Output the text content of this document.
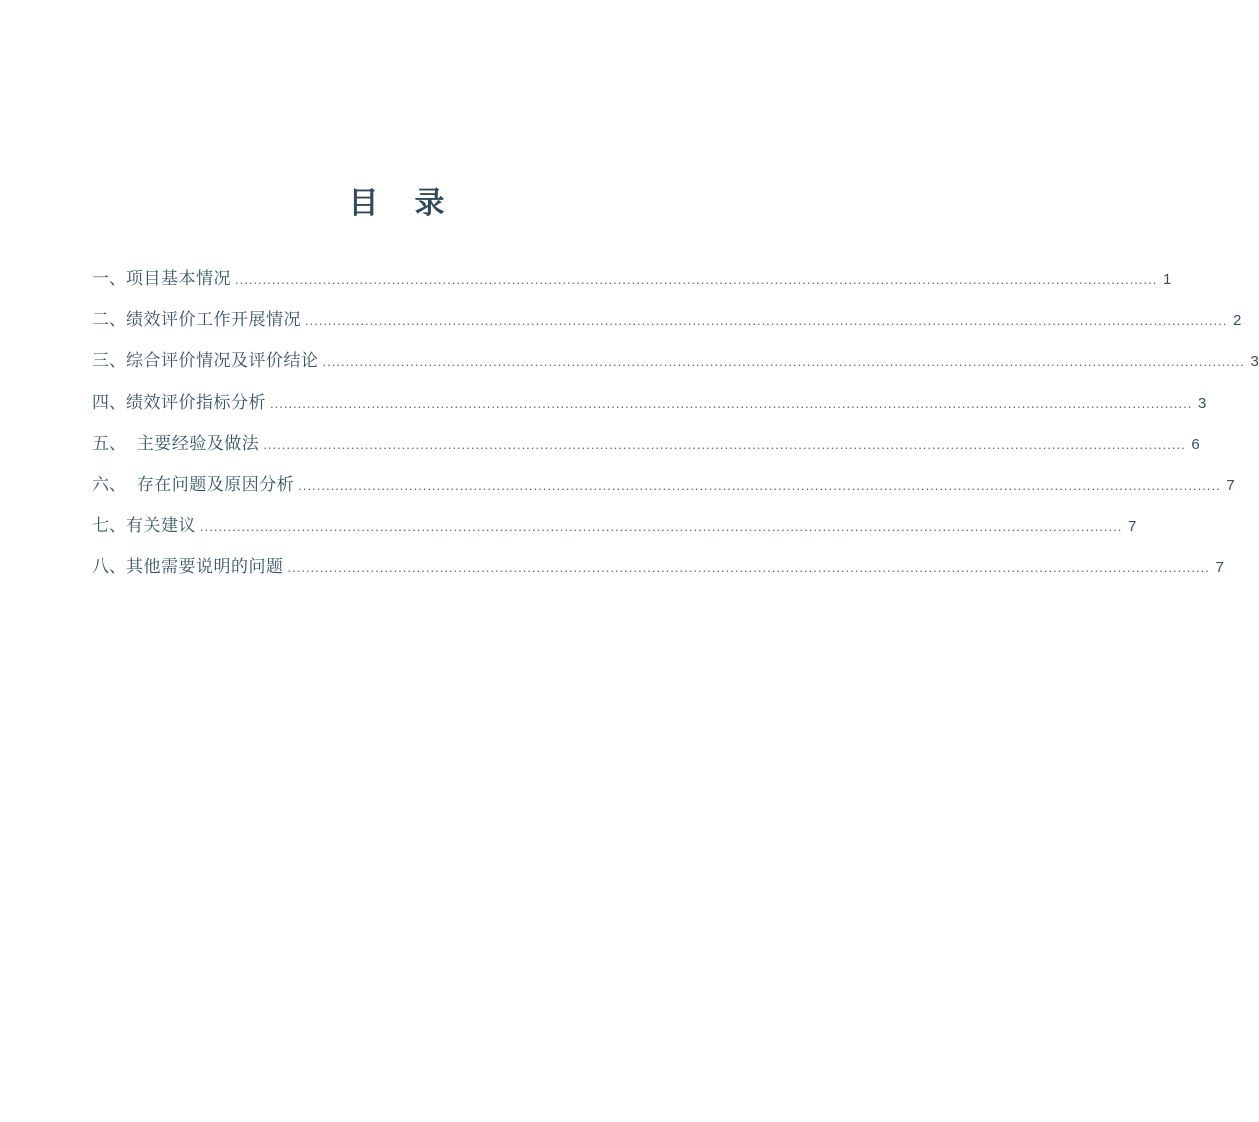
目 录
一、 项目基本情况 ........................................................................................................................................................................................................ 1
二、 绩效评价工作开展情况 ........................................................................................................................................................................................................ 2
三、 综合评价情况及评价结论 ........................................................................................................................................................................................................ 3
四、 绩效评价指标分析 ........................................................................................................................................................................................................ 3
五、 主要经验及做法 ........................................................................................................................................................................................................ 6
六、 存在问题及原因分析 ........................................................................................................................................................................................................ 7
七、 有关建议 ........................................................................................................................................................................................................ 7
八、 其他需要说明的问题 ........................................................................................................................................................................................................ 7
